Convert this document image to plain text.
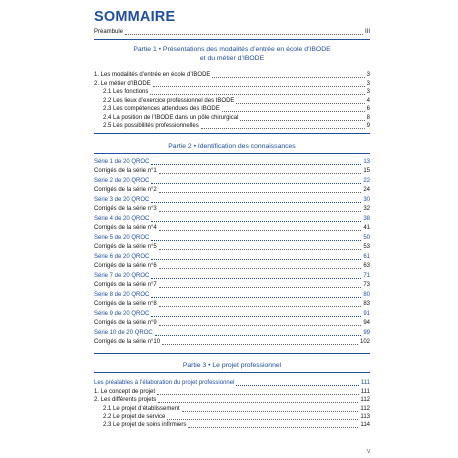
SOMMAIRE
Préambule	III
Partie 1 • Présentations des modalités d’entrée en école d’IBODE
et du métier d’IBODE
1. Les modalités d’entrée en école d’IBODE	3
2. Le métier d’IBODE	3
2.1 Les fonctions	3
2.2 Les lieux d’exercice professionnel des IBODE	4
2.3 Les compétences attendues des IBODE	6
2.4 La position de l’IBODE dans un pôle chirurgical	8
2.5 Les possibilités professionnelles	9
Partie 2 • Identification des connaissances
Série 1 de 20 QROC	13
Corrigés de la série n°1	15
Série 2 de 20 QROC	22
Corrigés de la série n°2	24
Série 3 de 20 QROC	30
Corrigés de la série n°3	32
Série 4 de 20 QROC	38
Corrigés de la série n°4	41
Série 5 de 20 QROC	50
Corrigés de la série n°5	53
Série 6 de 20 QROC	61
Corrigés de la série n°6	63
Série 7 de 20 QROC	71
Corrigés de la série n°7	73
Série 8 de 20 QROC	80
Corrigés de la série n°8	83
Série 9 de 20 QROC	91
Corrigés de la série n°9	94
Série 10 de 20 QROC	99
Corrigés de la série n°10	102
Partie 3 • Le projet professionnel
Les préalables à l’élaboration du projet professionnel	111
1. Le concept de projet	111
2. Les différents projets	112
2.1 Le projet d’établissement	112
2.2 Le projet de service	113
2.3 Le projet de soins infirmiers	114
V
